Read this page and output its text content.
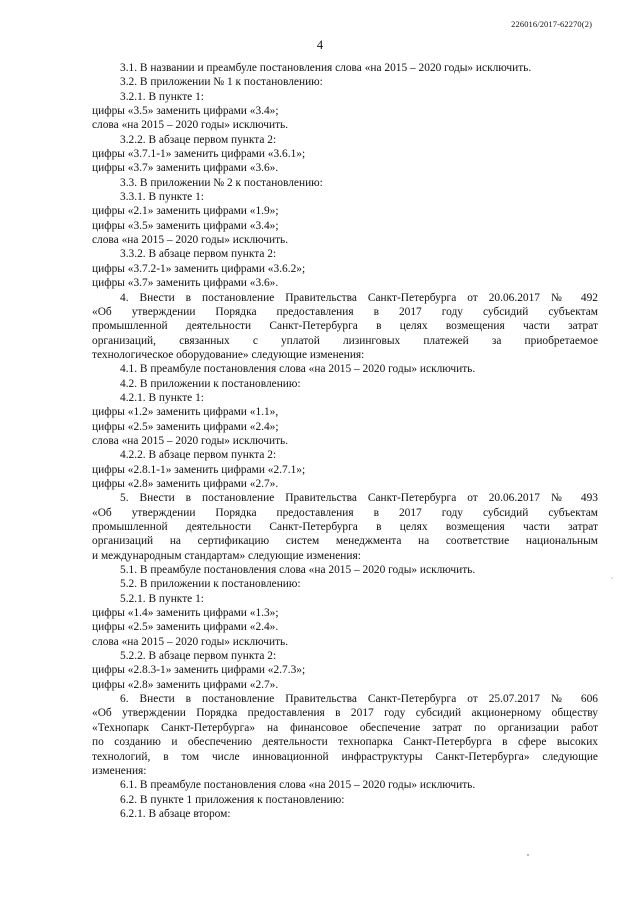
226016/2017-62270(2)
4

3.1. В названии и преамбуле постановления слова «на 2015 – 2020 годы» исключить.

3.2. В приложении № 1 к постановлению:

3.2.1. В пункте 1:

цифры «3.5» заменить цифрами «3.4»;

слова «на 2015 – 2020 годы» исключить.

3.2.2. В абзаце первом пункта 2:

цифры «3.7.1-1» заменить цифрами «3.6.1»;

цифры «3.7» заменить цифрами «3.6».

3.3. В приложении № 2 к постановлению:

3.3.1. В пункте 1:

цифры «2.1» заменить цифрами «1.9»;

цифры «3.5» заменить цифрами «3.4»;

слова «на 2015 – 2020 годы» исключить.

3.3.2. В абзаце первом пункта 2:

цифры «3.7.2-1» заменить цифрами «3.6.2»;

цифры «3.7» заменить цифрами «3.6».

4. Внести в постановление Правительства Санкт-Петербурга от 20.06.2017 № 492

«Об утверждении Порядка предоставления в 2017 году субсидий субъектам

промышленной деятельности Санкт-Петербурга в целях возмещения части затрат

организаций, связанных с уплатой лизинговых платежей за приобретаемое

технологическое оборудование» следующие изменения:

4.1. В преамбуле постановления слова «на 2015 – 2020 годы» исключить.

4.2. В приложении к постановлению:

4.2.1. В пункте 1:

цифры «1.2» заменить цифрами «1.1»,

цифры «2.5» заменить цифрами «2.4»;

слова «на 2015 – 2020 годы» исключить.

4.2.2. В абзаце первом пункта 2:

цифры «2.8.1-1» заменить цифрами «2.7.1»;

цифры «2.8» заменить цифрами «2.7».

5. Внести в постановление Правительства Санкт-Петербурга от 20.06.2017 № 493

«Об утверждении Порядка предоставления в 2017 году субсидий субъектам

промышленной деятельности Санкт-Петербурга в целях возмещения части затрат

организаций на сертификацию систем менеджмента на соответствие национальным

и международным стандартам» следующие изменения:

5.1. В преамбуле постановления слова «на 2015 – 2020 годы» исключить.

5.2. В приложении к постановлению:

5.2.1. В пункте 1:

цифры «1.4» заменить цифрами «1.3»;

цифры «2.5» заменить цифрами «2.4».

слова «на 2015 – 2020 годы» исключить.

5.2.2. В абзаце первом пункта 2:

цифры «2.8.3-1» заменить цифрами «2.7.3»;

цифры «2.8» заменить цифрами «2.7».

6. Внести в постановление Правительства Санкт-Петербурга от 25.07.2017 № 606

«Об утверждении Порядка предоставления в 2017 году субсидий акционерному обществу

«Технопарк Санкт-Петербурга» на финансовое обеспечение затрат по организации работ

по созданию и обеспечению деятельности технопарка Санкт-Петербурга в сфере высоких

технологий, в том числе инновационной инфраструктуры Санкт-Петербурга» следующие

изменения:

6.1. В преамбуле постановления слова «на 2015 – 2020 годы» исключить.

6.2. В пункте 1 приложения к постановлению:

6.2.1. В абзаце втором:
